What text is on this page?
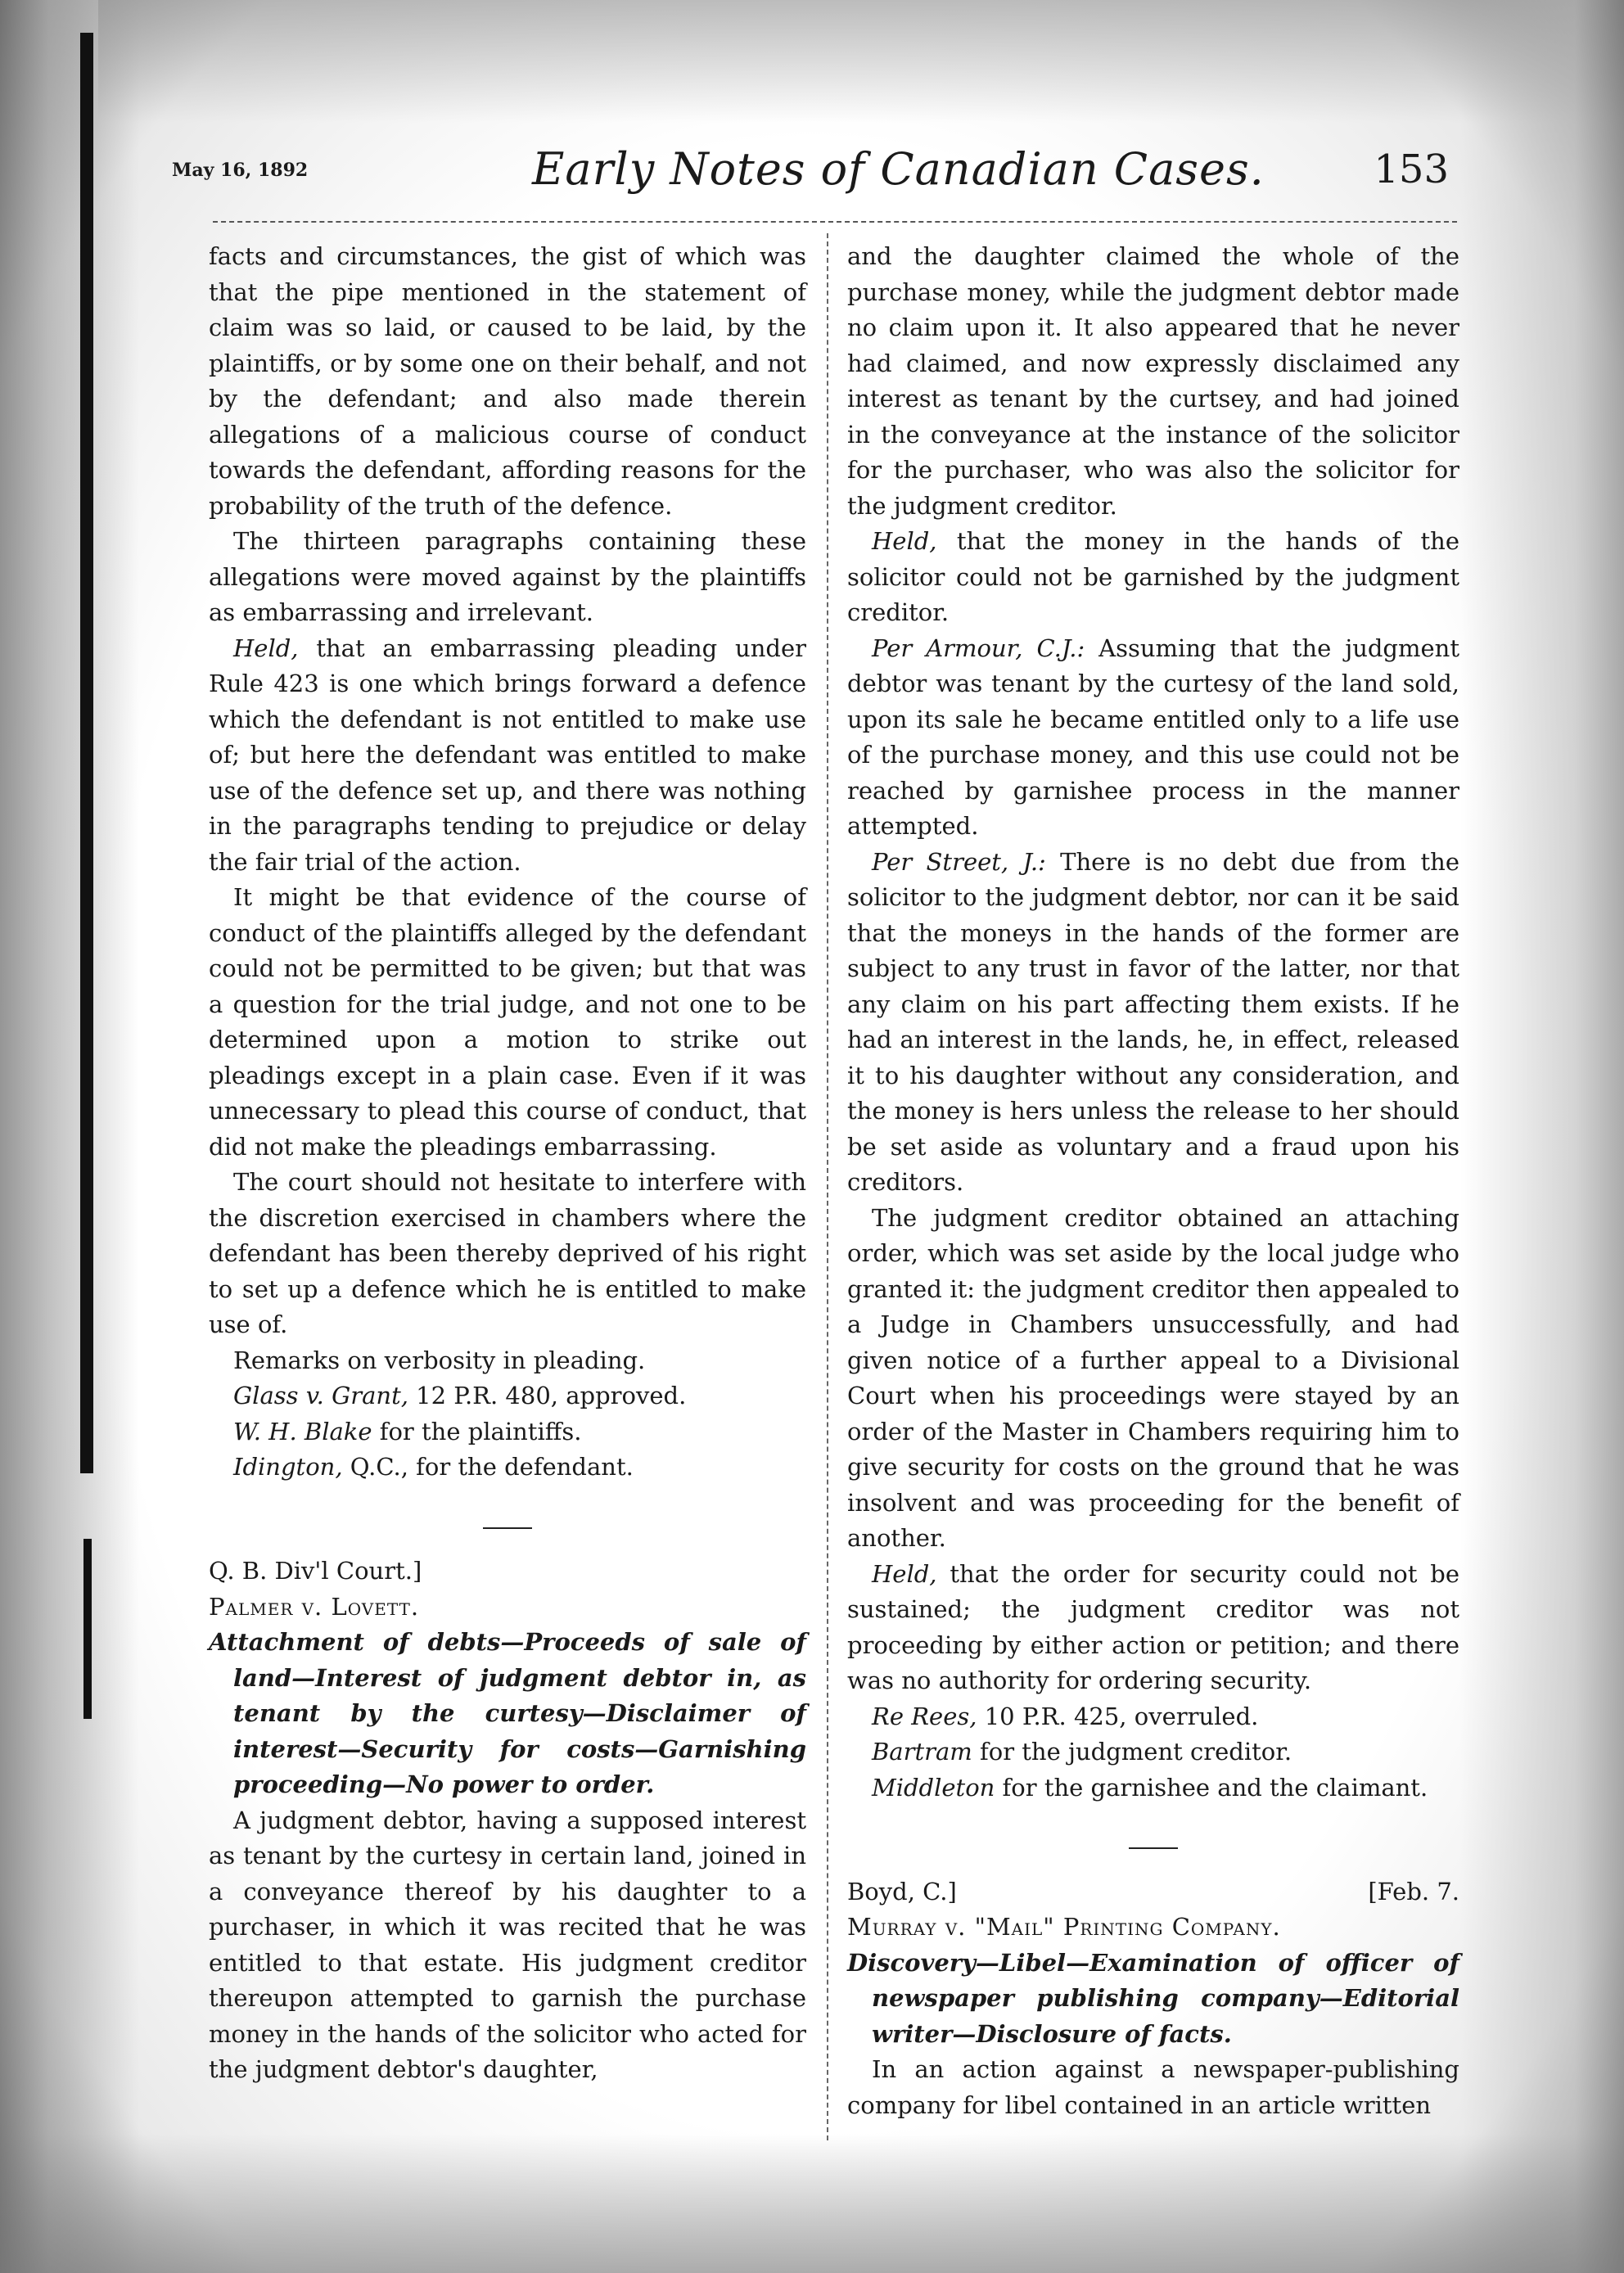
May 16, 1892	Early Notes of Canadian Cases.	153

facts and circumstances, the gist of which was that the pipe mentioned in the statement of claim was so laid, or caused to be laid, by the plaintiffs, or by some one on their behalf, and not by the defendant; and also made therein allegations of a malicious course of conduct towards the defendant, affording reasons for the probability of the truth of the defence.

The thirteen paragraphs containing these allegations were moved against by the plaintiffs as embarrassing and irrelevant.

Held, that an embarrassing pleading under Rule 423 is one which brings forward a defence which the defendant is not entitled to make use of; but here the defendant was entitled to make use of the defence set up, and there was nothing in the paragraphs tending to prejudice or delay the fair trial of the action.

It might be that evidence of the course of conduct of the plaintiffs alleged by the defendant could not be permitted to be given; but that was a question for the trial judge, and not one to be determined upon a motion to strike out pleadings except in a plain case. Even if it was unnecessary to plead this course of conduct, that did not make the pleadings embarrassing.

The court should not hesitate to interfere with the discretion exercised in chambers where the defendant has been thereby deprived of his right to set up a defence which he is entitled to make use of.

Remarks on verbosity in pleading.

Glass v. Grant, 12 P.R. 480, approved.

W. H. Blake for the plaintiffs.

Idington, Q.C., for the defendant.

Q. B. Div'l Court.]

Palmer v. Lovett.

Attachment of debts—Proceeds of sale of land—Interest of judgment debtor in, as tenant by the curtesy—Disclaimer of interest—Security for costs—Garnishing proceeding—No power to order.

A judgment debtor, having a supposed interest as tenant by the curtesy in certain land, joined in a conveyance thereof by his daughter to a purchaser, in which it was recited that he was entitled to that estate. His judgment creditor thereupon attempted to garnish the purchase money in the hands of the solicitor who acted for the judgment debtor's daughter,

and the daughter claimed the whole of the purchase money, while the judgment debtor made no claim upon it. It also appeared that he never had claimed, and now expressly disclaimed any interest as tenant by the curtsey, and had joined in the conveyance at the instance of the solicitor for the purchaser, who was also the solicitor for the judgment creditor.

Held, that the money in the hands of the solicitor could not be garnished by the judgment creditor.

Per Armour, C.J.: Assuming that the judgment debtor was tenant by the curtesy of the land sold, upon its sale he became entitled only to a life use of the purchase money, and this use could not be reached by garnishee process in the manner attempted.

Per Street, J.: There is no debt due from the solicitor to the judgment debtor, nor can it be said that the moneys in the hands of the former are subject to any trust in favor of the latter, nor that any claim on his part affecting them exists. If he had an interest in the lands, he, in effect, released it to his daughter without any consideration, and the money is hers unless the release to her should be set aside as voluntary and a fraud upon his creditors.

The judgment creditor obtained an attaching order, which was set aside by the local judge who granted it: the judgment creditor then appealed to a Judge in Chambers unsuccessfully, and had given notice of a further appeal to a Divisional Court when his proceedings were stayed by an order of the Master in Chambers requiring him to give security for costs on the ground that he was insolvent and was proceeding for the benefit of another.

Held, that the order for security could not be sustained; the judgment creditor was not proceeding by either action or petition; and there was no authority for ordering security.

Re Rees, 10 P.R. 425, overruled.

Bartram for the judgment creditor.

Middleton for the garnishee and the claimant.

Boyd, C.]	[Feb. 7.

Murray v. "Mail" Printing Company.

Discovery—Libel—Examination of officer of newspaper publishing company—Editorial writer—Disclosure of facts.

In an action against a newspaper-publishing company for libel contained in an article written
